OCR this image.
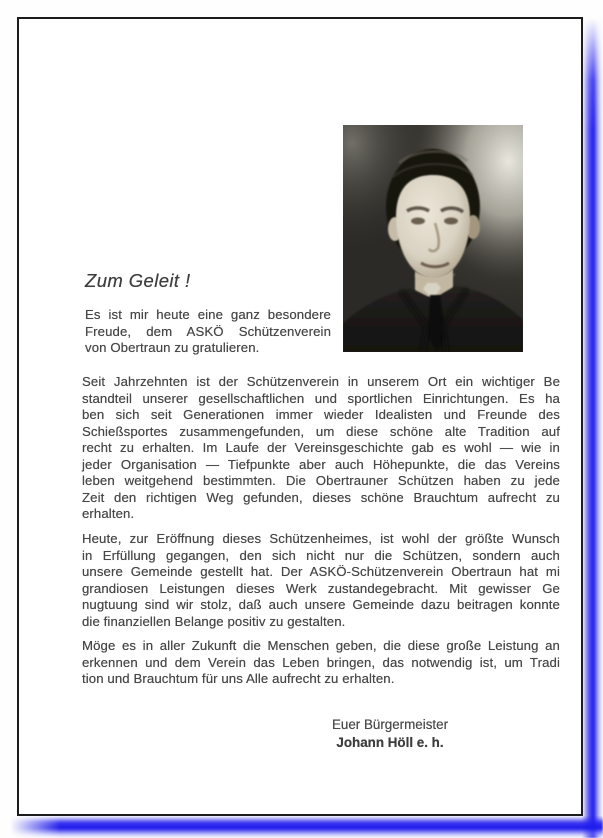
Zum Geleit !
Es ist mir heute eine ganz besondere
Freude, dem ASKÖ Schützenverein
von Obertraun zu gratulieren.
Seit Jahrzehnten ist der Schützenverein in unserem Ort ein wichtiger Be
standteil unserer gesellschaftlichen und sportlichen Einrichtungen. Es ha
ben sich seit Generationen immer wieder Idealisten und Freunde des
Schießsportes zusammengefunden, um diese schöne alte Tradition auf
recht zu erhalten. Im Laufe der Vereinsgeschichte gab es wohl — wie in
jeder Organisation — Tiefpunkte aber auch Höhepunkte, die das Vereins
leben weitgehend bestimmten. Die Obertrauner Schützen haben zu jede
Zeit den richtigen Weg gefunden, dieses schöne Brauchtum aufrecht zu
erhalten.
Heute, zur Eröffnung dieses Schützenheimes, ist wohl der größte Wunsch
in Erfüllung gegangen, den sich nicht nur die Schützen, sondern auch
unsere Gemeinde gestellt hat. Der ASKÖ-Schützenverein Obertraun hat mi
grandiosen Leistungen dieses Werk zustandegebracht. Mit gewisser Ge
nugtuung sind wir stolz, daß auch unsere Gemeinde dazu beitragen konnte
die finanziellen Belange positiv zu gestalten.
Möge es in aller Zukunft die Menschen geben, die diese große Leistung an
erkennen und dem Verein das Leben bringen, das notwendig ist, um Tradi
tion und Brauchtum für uns Alle aufrecht zu erhalten.
Euer Bürgermeister
Johann Höll e. h.
